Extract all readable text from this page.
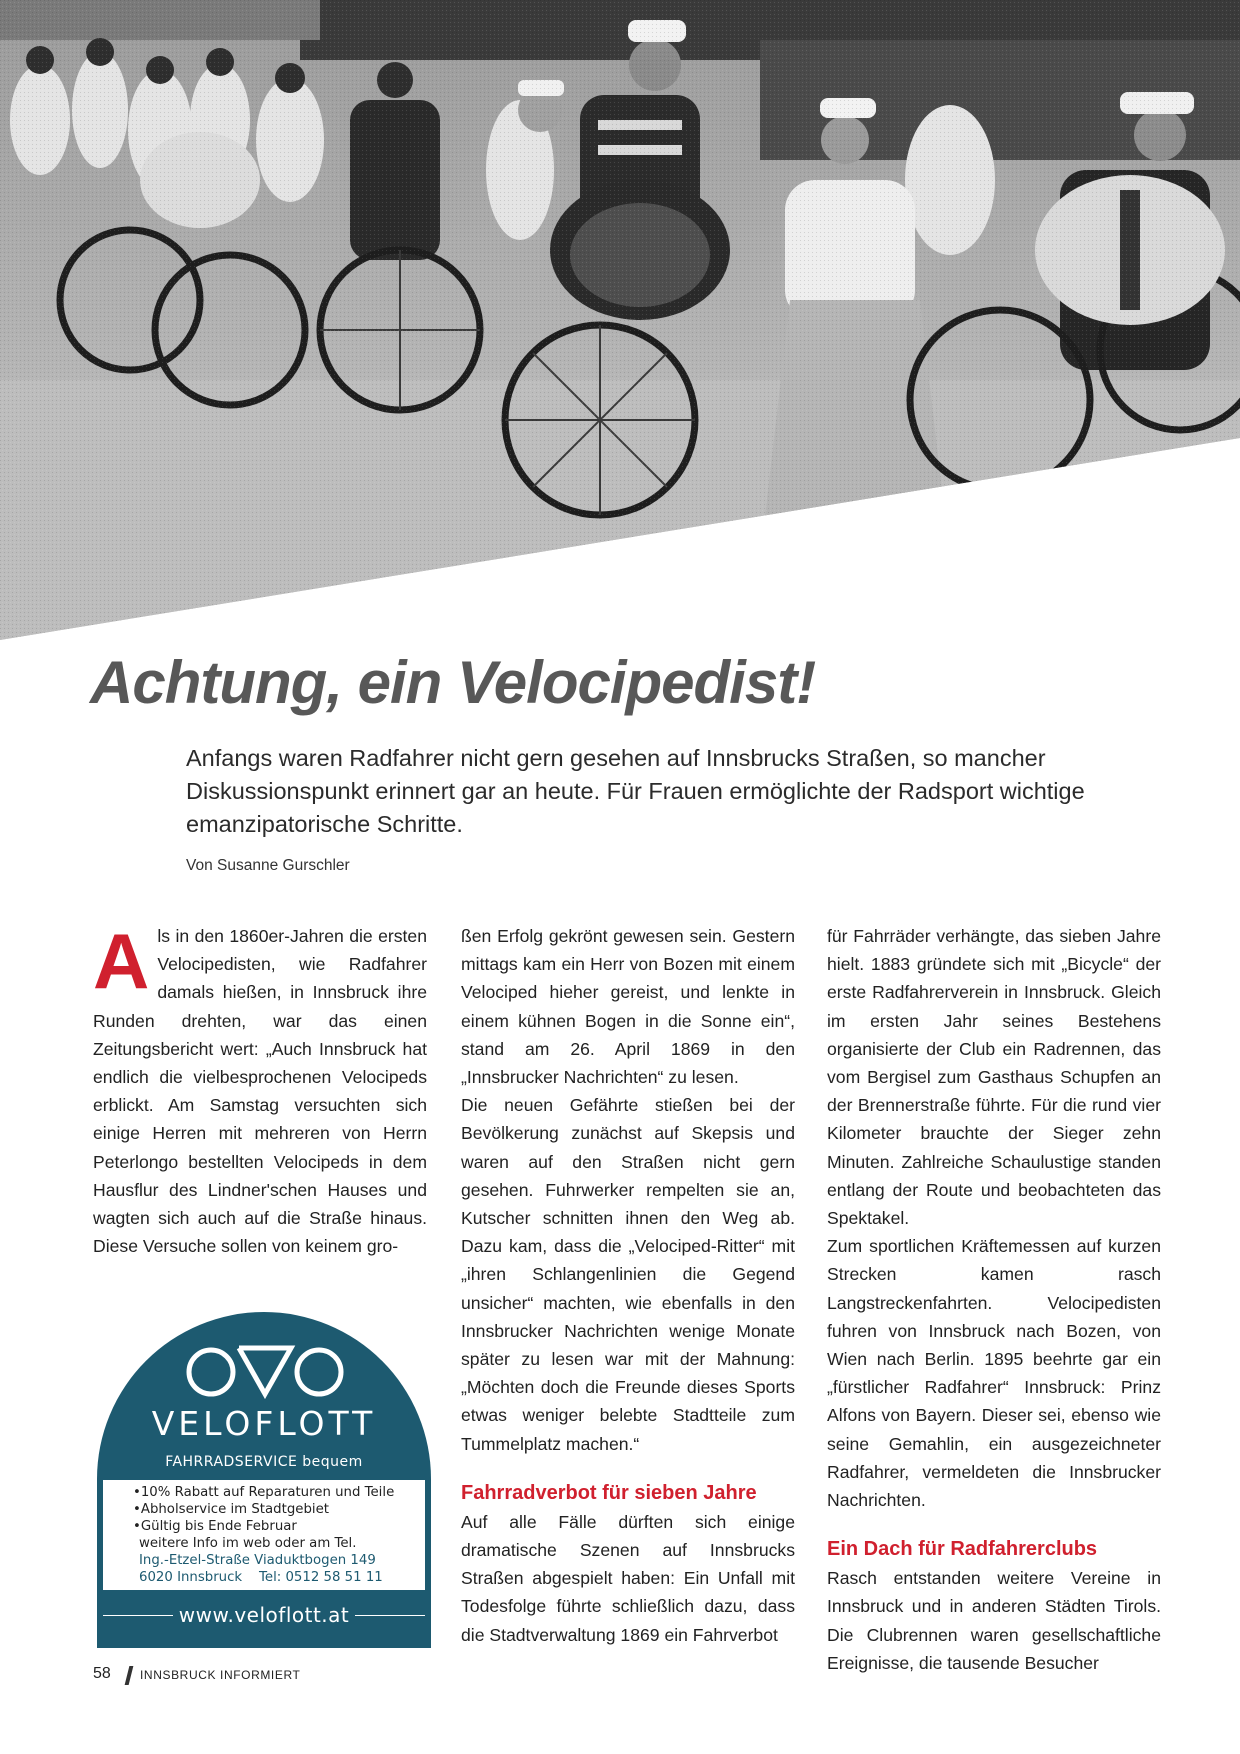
Achtung, ein Velocipedist!

Anfangs waren Radfahrer nicht gern gesehen auf Innsbrucks Straßen, so mancher Diskussionspunkt erinnert gar an heute. Für Frauen ermöglichte der Radsport wichtige emanzipatorische Schritte.

Von Susanne Gurschler

Als in den 1860er-Jahren die ersten Velocipedisten, wie Radfahrer damals hießen, in Innsbruck ihre Runden drehten, war das einen Zeitungsbericht wert: „Auch Innsbruck hat endlich die vielbesprochenen Velocipeds erblickt. Am Samstag versuchten sich einige Herren mit mehreren von Herrn Peterlongo bestellten Velocipeds in dem Hausflur des Lindner'schen Hauses und wagten sich auch auf die Straße hinaus. Diese Versuche sollen von keinem gro-

VELOFLOTT
FAHRRADSERVICE bequem
•10% Rabatt auf Reparaturen und Teile
•Abholservice im Stadtgebiet
•Gültig bis Ende Februar
weitere Info im web oder am Tel.
Ing.-Etzel-Straße Viaduktbogen 149
6020 Innsbruck    Tel: 0512 58 51 11
www.veloflott.at

ßen Erfolg gekrönt gewesen sein. Gestern mittags kam ein Herr von Bozen mit einem Velociped hieher gereist, und lenkte in einem kühnen Bogen in die Sonne ein“, stand am 26. April 1869 in den „Innsbrucker Nachrichten“ zu lesen.

Die neuen Gefährte stießen bei der Bevölkerung zunächst auf Skepsis und waren auf den Straßen nicht gern gesehen. Fuhrwerker rempelten sie an, Kutscher schnitten ihnen den Weg ab. Dazu kam, dass die „Velociped-Ritter“ mit „ihren Schlangenlinien die Gegend unsicher“ machten, wie ebenfalls in den Innsbrucker Nachrichten wenige Monate später zu lesen war mit der Mahnung: „Möchten doch die Freunde dieses Sports etwas weniger belebte Stadtteile zum Tummelplatz machen.“

Fahrradverbot für sieben Jahre

Auf alle Fälle dürften sich einige dramatische Szenen auf Innsbrucks Straßen abgespielt haben: Ein Unfall mit Todesfolge führte schließlich dazu, dass die Stadtverwaltung 1869 ein Fahrverbot

für Fahrräder verhängte, das sieben Jahre hielt. 1883 gründete sich mit „Bicycle“ der erste Radfahrerverein in Innsbruck. Gleich im ersten Jahr seines Bestehens organisierte der Club ein Radrennen, das vom Bergisel zum Gasthaus Schupfen an der Brennerstraße führte. Für die rund vier Kilometer brauchte der Sieger zehn Minuten. Zahlreiche Schaulustige standen entlang der Route und beobachteten das Spektakel.

Zum sportlichen Kräftemessen auf kurzen Strecken kamen rasch Langstreckenfahrten. Velocipedisten fuhren von Innsbruck nach Bozen, von Wien nach Berlin. 1895 beehrte gar ein „fürstlicher Radfahrer“ Innsbruck: Prinz Alfons von Bayern. Dieser sei, ebenso wie seine Gemahlin, ein ausgezeichneter Radfahrer, vermeldeten die Innsbrucker Nachrichten.

Ein Dach für Radfahrerclubs

Rasch entstanden weitere Vereine in Innsbruck und in anderen Städten Tirols. Die Clubrennen waren gesellschaftliche Ereignisse, die tausende Besucher

58 INNSBRUCK INFORMIERT
